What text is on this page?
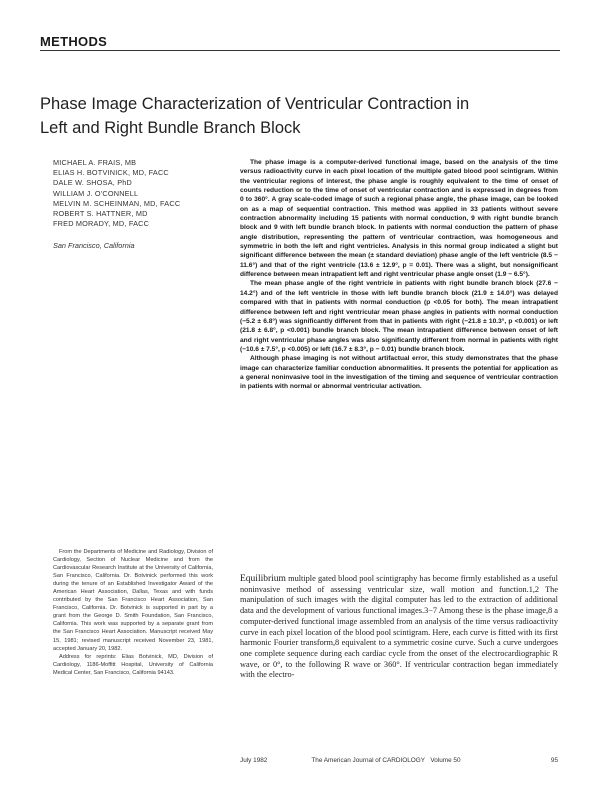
METHODS
Phase Image Characterization of Ventricular Contraction in
Left and Right Bundle Branch Block
MICHAEL A. FRAIS, MB
ELIAS H. BOTVINICK, MD, FACC
DALE W. SHOSA, PhD
WILLIAM J. O'CONNELL
MELVIN M. SCHEINMAN, MD, FACC
ROBERT S. HATTNER, MD
FRED MORADY, MD, FACC
San Francisco, California

The phase image is a computer-derived functional image, based on the analysis of the time versus radioactivity curve in each pixel location of the multiple gated blood pool scintigram. Within the ventricular regions of interest, the phase angle is roughly equivalent to the time of onset of counts reduction or to the time of onset of ventricular contraction and is expressed in degrees from 0 to 360°. A gray scale-coded image of such a regional phase angle, the phase image, can be looked on as a map of sequential contraction. This method was applied in 33 patients without severe contraction abnormality including 15 patients with normal conduction, 9 with right bundle branch block and 9 with left bundle branch block. In patients with normal conduction the pattern of phase angle distribution, representing the pattern of ventricular contraction, was homogeneous and symmetric in both the left and right ventricles. Analysis in this normal group indicated a slight but significant difference between the mean (± standard deviation) phase angle of the left ventricle (8.5 − 11.6°) and that of the right ventricle (13.6 ± 12.9°, p = 0.01). There was a slight, but nonsignificant difference between mean intrapatient left and right ventricular phase angle onset (1.9 − 6.5°).

The mean phase angle of the right ventricle in patients with right bundle branch block (27.6 − 14.2°) and of the left ventricle in those with left bundle branch block (21.9 ± 14.0°) was delayed compared with that in patients with normal conduction (p <0.05 for both). The mean intrapatient difference between left and right ventricular mean phase angles in patients with normal conduction (−5.2 ± 6.8°) was significantly different from that in patients with right (−21.8 ± 10.3°, p <0.001) or left (21.8 ± 6.8°, p <0.001) bundle branch block. The mean intrapatient difference between onset of left and right ventricular phase angles was also significantly different from normal in patients with right (−10.6 ± 7.5°, p <0.005) or left (16.7 ± 8.3°, p − 0.01) bundle branch block.

Although phase imaging is not without artifactual error, this study demonstrates that the phase image can characterize familiar conduction abnormalities. It presents the potential for application as a general noninvasive tool in the investigation of the timing and sequence of ventricular contraction in patients with normal or abnormal ventricular activation.

From the Departments of Medicine and Radiology, Division of Cardiology, Section of Nuclear Medicine and from the Cardiovascular Research Institute at the University of California, San Francisco, California. Dr. Botvinick performed this work during the tenure of an Established Investigator Award of the American Heart Association, Dallas, Texas and with funds contributed by the San Francisco Heart Association, San Francisco, California. Dr. Botvinick is supported in part by a grant from the George D. Smith Foundation, San Francisco, California. This work was supported by a separate grant from the San Francisco Heart Association. Manuscript received May 15, 1981; revised manuscript received November 23, 1981, accepted January 20, 1982.

Address for reprints: Elias Botvinick, MD, Division of Cardiology, 1186-Moffitt Hospital, University of California Medical Center, San Francisco, California 94143.

Equilibrium multiple gated blood pool scintigraphy has become firmly established as a useful noninvasive method of assessing ventricular size, wall motion and function.1,2 The manipulation of such images with the digital computer has led to the extraction of additional data and the development of various functional images.3−7 Among these is the phase image,8 a computer-derived functional image assembled from an analysis of the time versus radioactivity curve in each pixel location of the blood pool scintigram. Here, each curve is fitted with its first harmonic Fourier transform,8 equivalent to a symmetric cosine curve. Such a curve undergoes one complete sequence during each cardiac cycle from the onset of the electrocardiographic R wave, or 0°, to the following R wave or 360°. If ventricular contraction began immediately with the electro-

July 1982	The American Journal of CARDIOLOGY Volume 50	95
